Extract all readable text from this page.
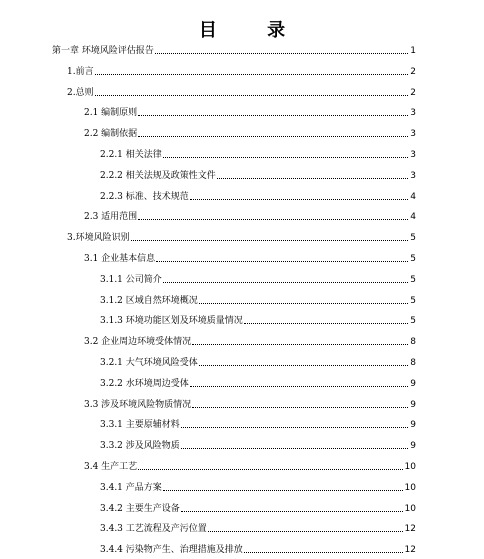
目 录
第一章 环境风险评估报告	1
1.前言	2
2.总则	2
2.1 编制原则	3
2.2 编制依据	3
2.2.1 相关法律	3
2.2.2 相关法规及政策性文件	3
2.2.3 标准、技术规范	4
2.3 适用范围	4
3.环境风险识别	5
3.1 企业基本信息	5
3.1.1 公司简介	5
3.1.2 区域自然环境概况	5
3.1.3 环境功能区划及环境质量情况	5
3.2 企业周边环境受体情况	8
3.2.1 大气环境风险受体	8
3.2.2 水环境周边受体	9
3.3 涉及环境风险物质情况	9
3.3.1 主要原辅材料	9
3.3.2 涉及风险物质	9
3.4 生产工艺	10
3.4.1 产品方案	10
3.4.2 主要生产设备	10
3.4.3 工艺流程及产污位置	12
3.4.4 污染物产生、治理措施及排放	12
